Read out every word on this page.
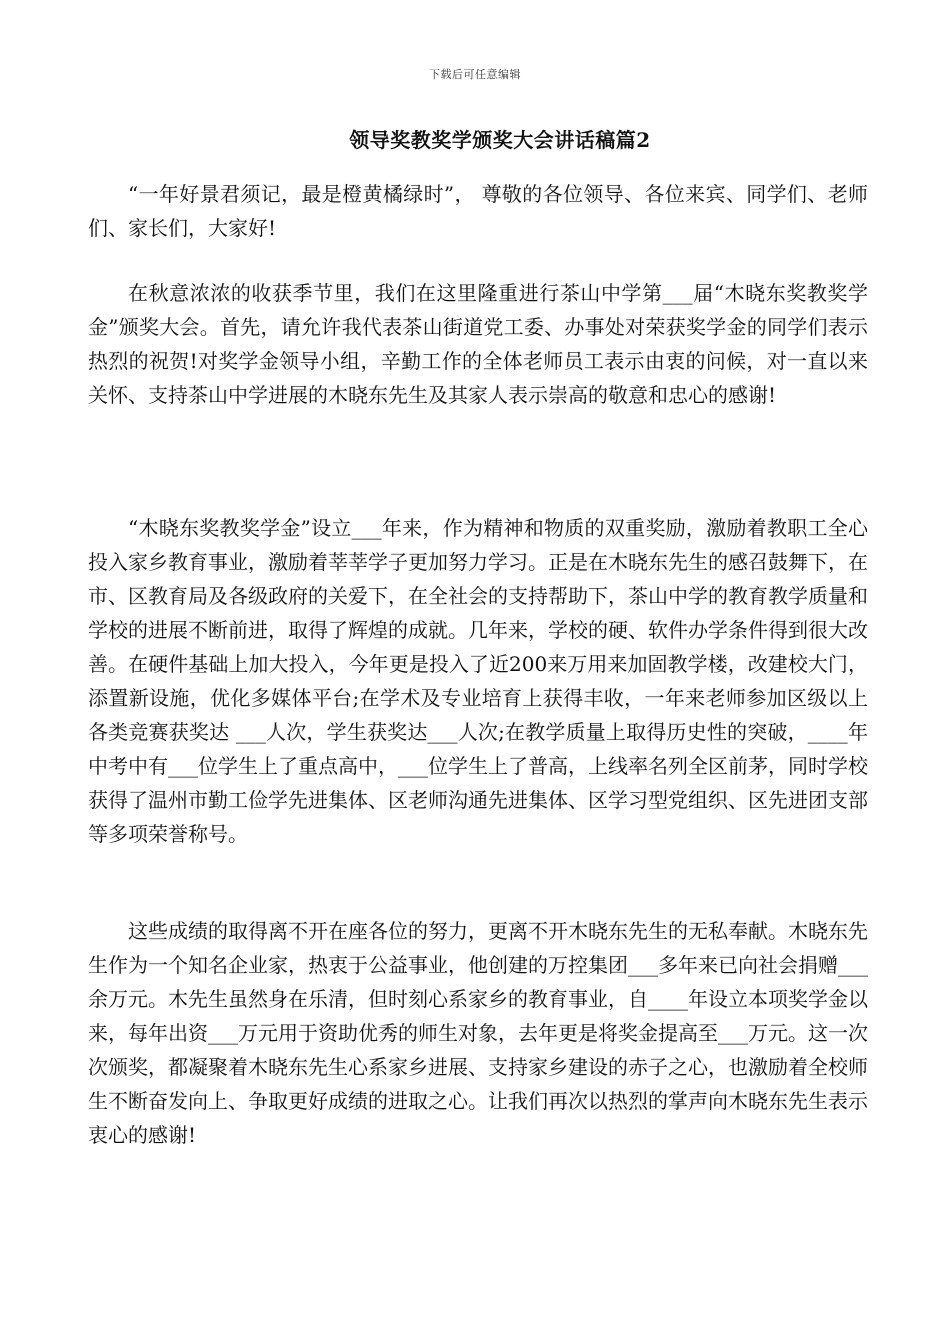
下载后可任意编辑
领导奖教奖学颁奖大会讲话稿篇2

“一年好景君须记，最是橙黄橘绿时”， 尊敬的各位领导、各位来宾、同学们、老师们、家长们，大家好!

在秋意浓浓的收获季节里，我们在这里隆重进行茶山中学第___届“木晓东奖教奖学金”颁奖大会。首先，请允许我代表茶山街道党工委、办事处对荣获奖学金的同学们表示热烈的祝贺!对奖学金领导小组，辛勤工作的全体老师员工表示由衷的问候，对一直以来关怀、支持茶山中学进展的木晓东先生及其家人表示崇高的敬意和忠心的感谢!

“木晓东奖教奖学金”设立___年来，作为精神和物质的双重奖励，激励着教职工全心投入家乡教育事业，激励着莘莘学子更加努力学习。正是在木晓东先生的感召鼓舞下，在市、区教育局及各级政府的关爱下，在全社会的支持帮助下，茶山中学的教育教学质量和学校的进展不断前进，取得了辉煌的成就。几年来，学校的硬、软件办学条件得到很大改善。在硬件基础上加大投入，今年更是投入了近200来万用来加固教学楼，改建校大门，添置新设施，优化多媒体平台;在学术及专业培育上获得丰收，一年来老师参加区级以上各类竞赛获奖达 ___人次，学生获奖达___人次;在教学质量上取得历史性的突破，____年中考中有___位学生上了重点高中，___位学生上了普高，上线率名列全区前茅，同时学校获得了温州市勤工俭学先进集体、区老师沟通先进集体、区学习型党组织、区先进团支部等多项荣誉称号。

这些成绩的取得离不开在座各位的努力，更离不开木晓东先生的无私奉献。木晓东先生作为一个知名企业家，热衷于公益事业，他创建的万控集团___多年来已向社会捐赠___余万元。木先生虽然身在乐清，但时刻心系家乡的教育事业，自____年设立本项奖学金以来，每年出资___万元用于资助优秀的师生对象，去年更是将奖金提高至___万元。这一次次颁奖，都凝聚着木晓东先生心系家乡进展、支持家乡建设的赤子之心，也激励着全校师生不断奋发向上、争取更好成绩的进取之心。让我们再次以热烈的掌声向木晓东先生表示衷心的感谢!
